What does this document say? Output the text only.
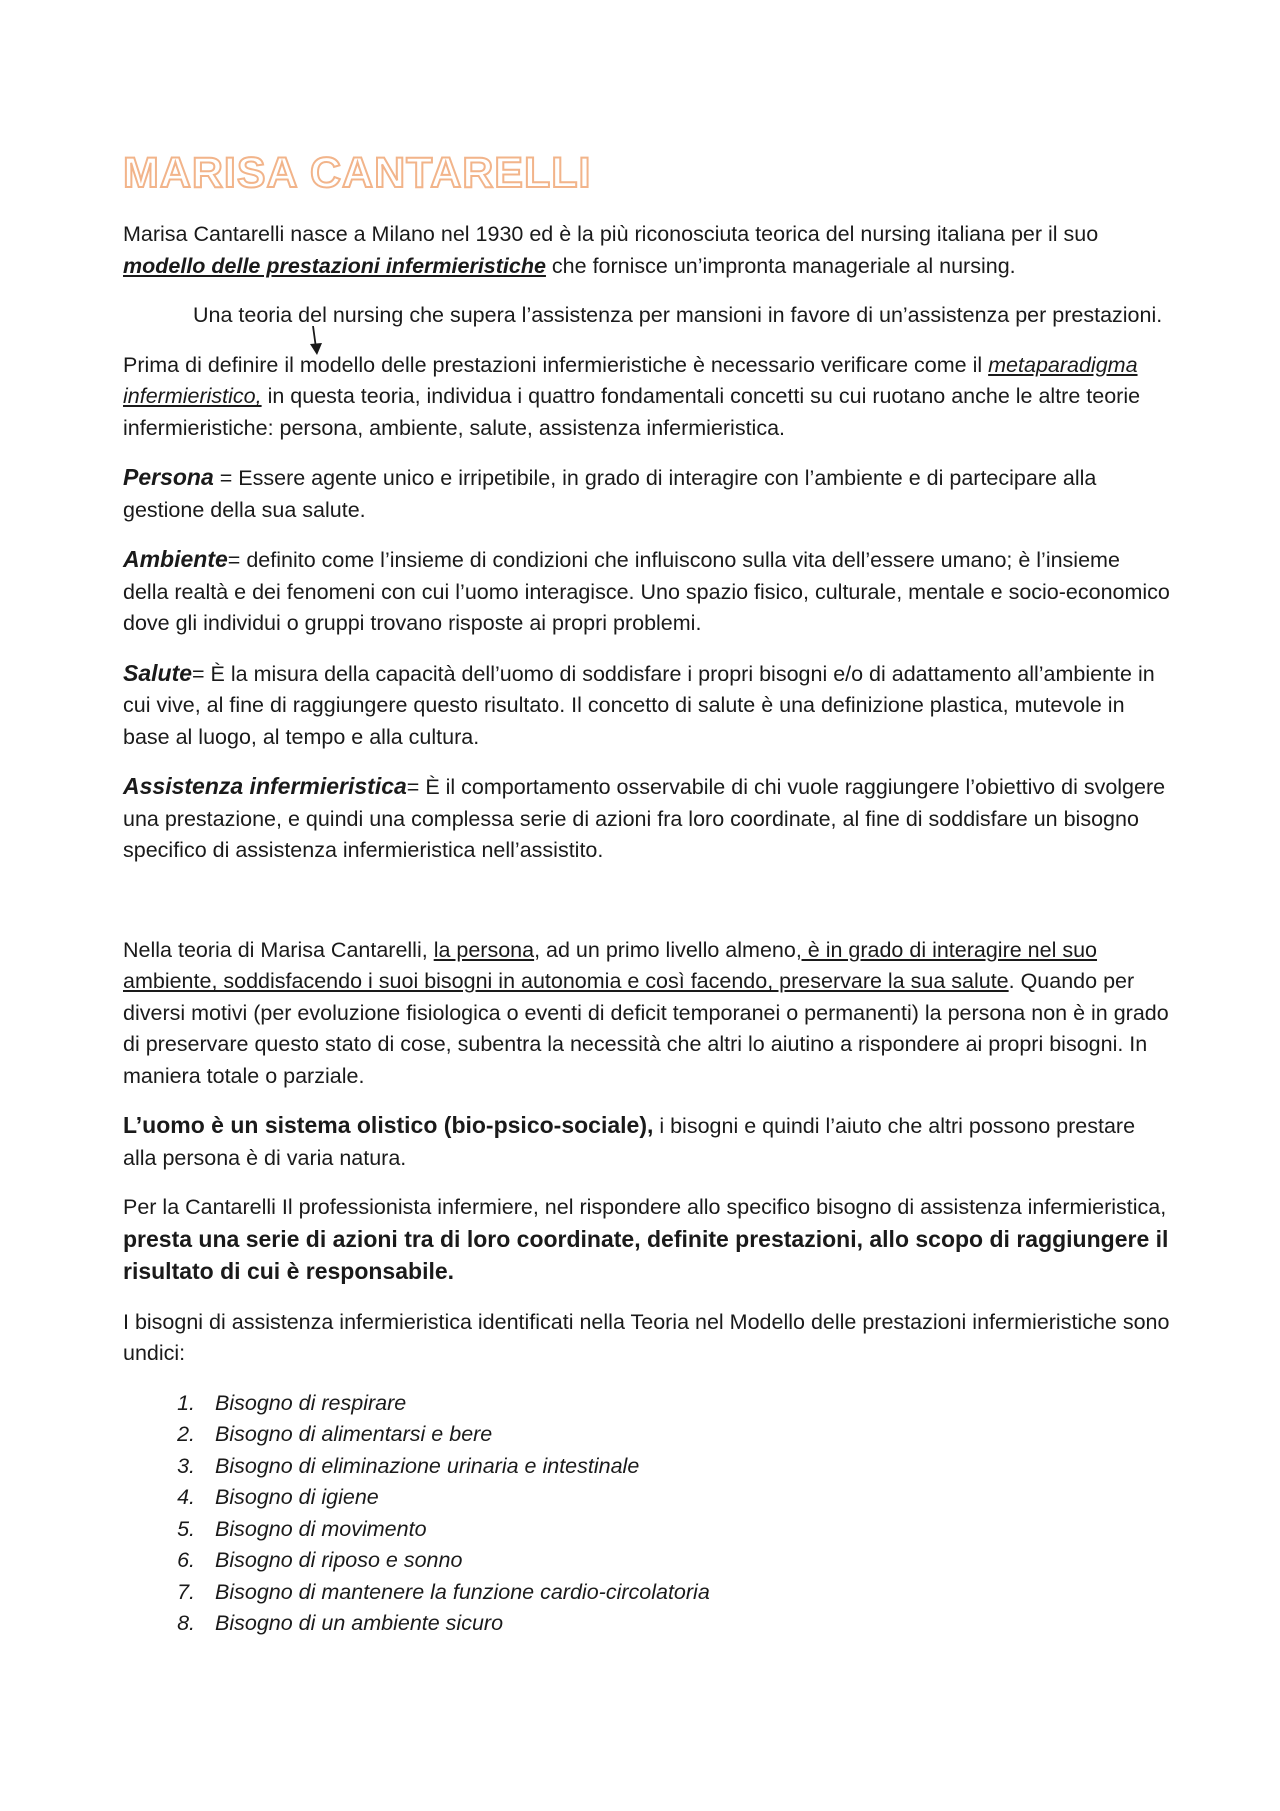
MARISA CANTARELLI

Marisa Cantarelli nasce a Milano nel 1930 ed è la più riconosciuta teorica del nursing italiana per il suo modello delle prestazioni infermieristiche che fornisce un’impronta manageriale al nursing.

Una teoria del nursing che supera l’assistenza per mansioni in favore di un’assistenza per prestazioni.

Prima di definire il modello delle prestazioni infermieristiche è necessario verificare come il metaparadigma infermieristico, in questa teoria, individua i quattro fondamentali concetti su cui ruotano anche le altre teorie infermieristiche: persona, ambiente, salute, assistenza infermieristica.

Persona = Essere agente unico e irripetibile, in grado di interagire con l’ambiente e di partecipare alla gestione della sua salute.

Ambiente= definito come l’insieme di condizioni che influiscono sulla vita dell’essere umano; è l’insieme della realtà e dei fenomeni con cui l’uomo interagisce. Uno spazio fisico, culturale, mentale e socio-economico dove gli individui o gruppi trovano risposte ai propri problemi.

Salute= È la misura della capacità dell’uomo di soddisfare i propri bisogni e/o di adattamento all’ambiente in cui vive, al fine di raggiungere questo risultato. Il concetto di salute è una definizione plastica, mutevole in base al luogo, al tempo e alla cultura.

Assistenza infermieristica= È il comportamento osservabile di chi vuole raggiungere l’obiettivo di svolgere una prestazione, e quindi una complessa serie di azioni fra loro coordinate, al fine di soddisfare un bisogno specifico di assistenza infermieristica nell’assistito.

Nella teoria di Marisa Cantarelli, la persona, ad un primo livello almeno, è in grado di interagire nel suo ambiente, soddisfacendo i suoi bisogni in autonomia e così facendo, preservare la sua salute. Quando per diversi motivi (per evoluzione fisiologica o eventi di deficit temporanei o permanenti) la persona non è in grado di preservare questo stato di cose, subentra la necessità che altri lo aiutino a rispondere ai propri bisogni. In maniera totale o parziale.

L’uomo è un sistema olistico (bio-psico-sociale), i bisogni e quindi l’aiuto che altri possono prestare alla persona è di varia natura.

Per la Cantarelli Il professionista infermiere, nel rispondere allo specifico bisogno di assistenza infermieristica, presta una serie di azioni tra di loro coordinate, definite prestazioni, allo scopo di raggiungere il risultato di cui è responsabile.

I bisogni di assistenza infermieristica identificati nella Teoria nel Modello delle prestazioni infermieristiche sono undici:

1. Bisogno di respirare
2. Bisogno di alimentarsi e bere
3. Bisogno di eliminazione urinaria e intestinale
4. Bisogno di igiene
5. Bisogno di movimento
6. Bisogno di riposo e sonno
7. Bisogno di mantenere la funzione cardio-circolatoria
8. Bisogno di un ambiente sicuro
